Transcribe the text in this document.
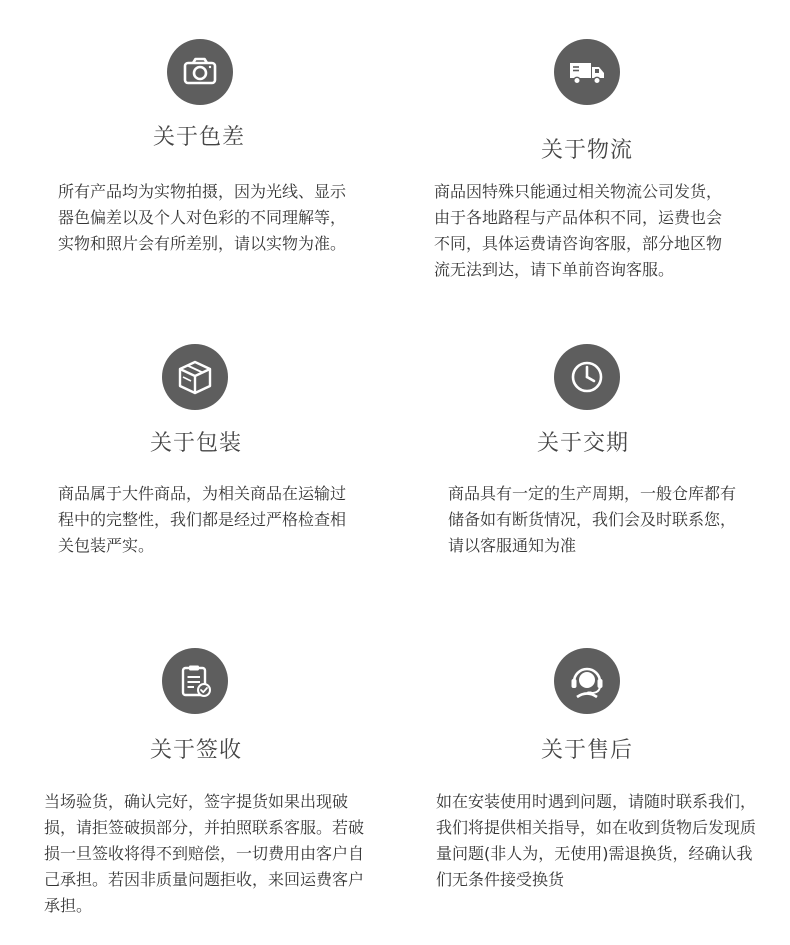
关于色差
所有产品均为实物拍摄，因为光线、显示器色偏差以及个人对色彩的不同理解等，实物和照片会有所差别，请以实物为准。
关于物流
商品因特殊只能通过相关物流公司发货，由于各地路程与产品体积不同，运费也会不同，具体运费请咨询客服，部分地区物流无法到达，请下单前咨询客服。
关于包装
商品属于大件商品，为相关商品在运输过程中的完整性，我们都是经过严格检查相关包装严实。
关于交期
商品具有一定的生产周期，一般仓库都有储备如有断货情况，我们会及时联系您，请以客服通知为准
关于签收
当场验货，确认完好，签字提货如果出现破损，请拒签破损部分，并拍照联系客服。若破损一旦签收将得不到赔偿，一切费用由客户自己承担。若因非质量问题拒收，来回运费客户承担。
关于售后
如在安装使用时遇到问题，请随时联系我们，我们将提供相关指导，如在收到货物后发现质量问题(非人为，无使用)需退换货，经确认我们无条件接受换货
